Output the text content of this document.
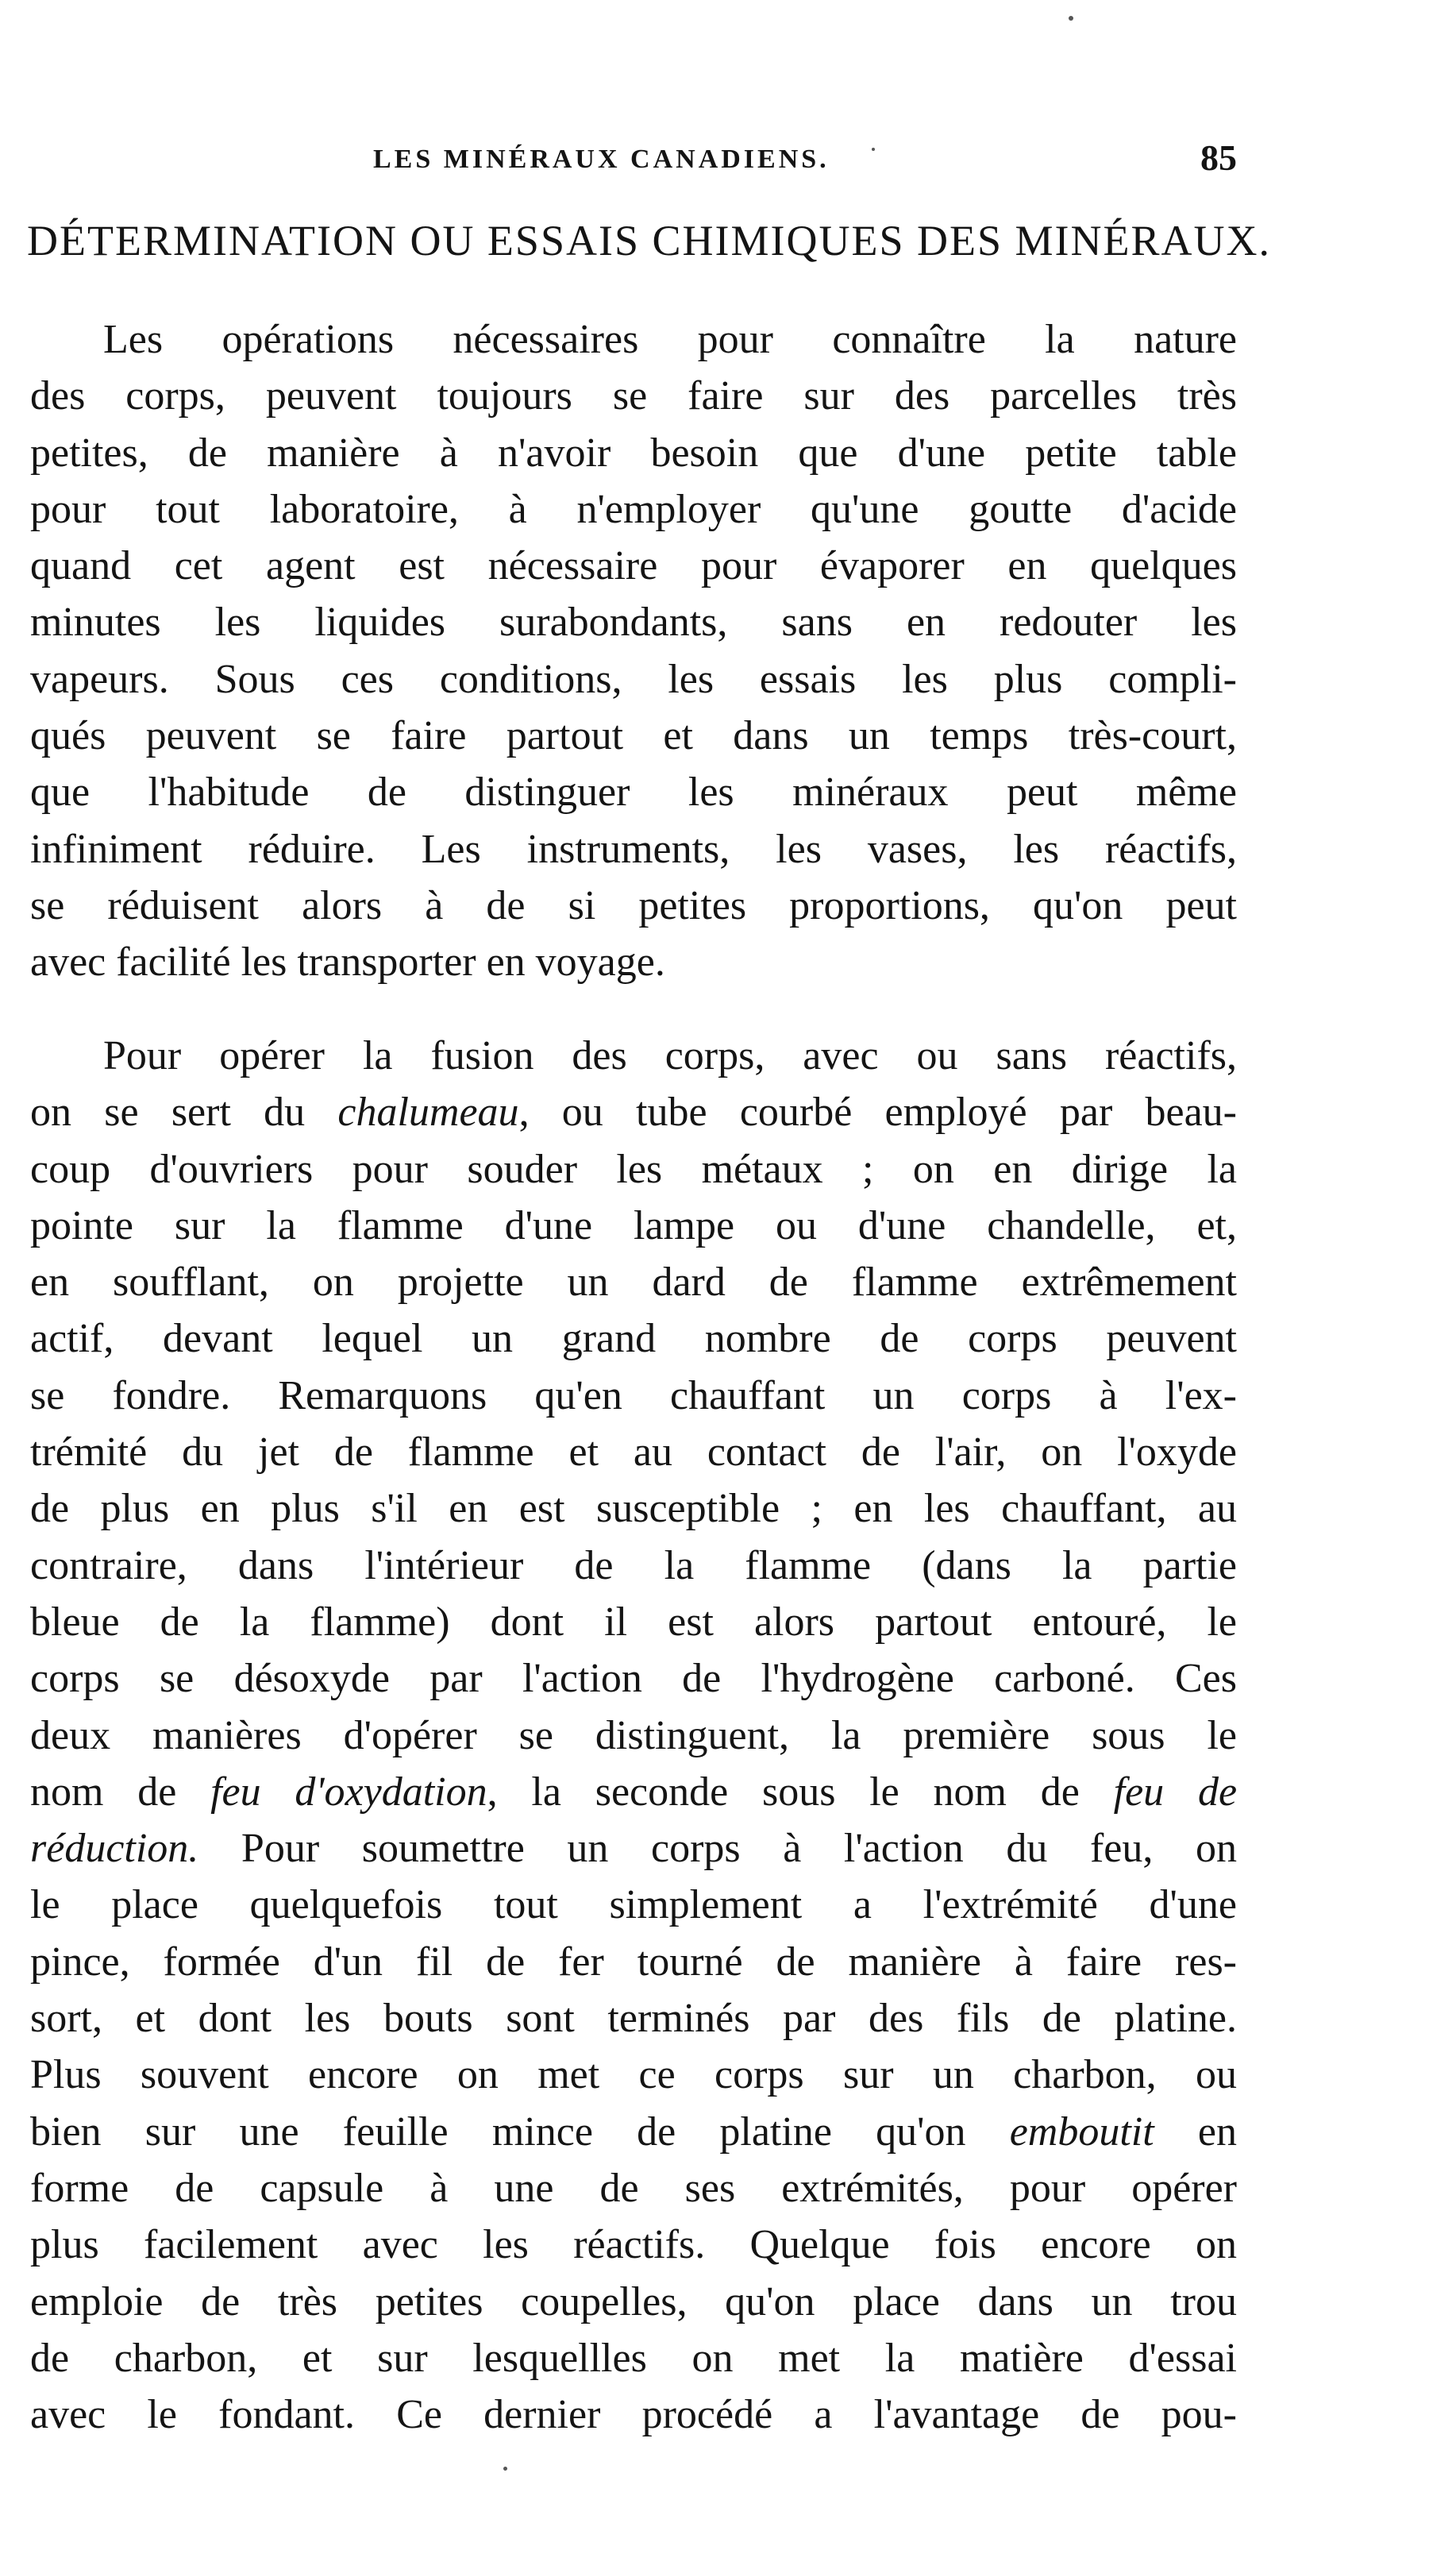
LES MINÉRAUX CANADIENS.	85
DÉTERMINATION OU ESSAIS CHIMIQUES DES MINÉRAUX.
Les opérations nécessaires pour connaître la nature
des corps, peuvent toujours se faire sur des parcelles très
petites, de manière à n'avoir besoin que d'une petite table
pour tout laboratoire, à n'employer qu'une goutte d'acide
quand cet agent est nécessaire pour évaporer en quelques
minutes les liquides surabondants, sans en redouter les
vapeurs. Sous ces conditions, les essais les plus compli-
qués peuvent se faire partout et dans un temps très-court,
que l'habitude de distinguer les minéraux peut même
infiniment réduire. Les instruments, les vases, les réactifs,
se réduisent alors à de si petites proportions, qu'on peut
avec facilité les transporter en voyage.
Pour opérer la fusion des corps, avec ou sans réactifs,
on se sert du chalumeau, ou tube courbé employé par beau-
coup d'ouvriers pour souder les métaux ; on en dirige la
pointe sur la flamme d'une lampe ou d'une chandelle, et,
en soufflant, on projette un dard de flamme extrêmement
actif, devant lequel un grand nombre de corps peuvent
se fondre. Remarquons qu'en chauffant un corps à l'ex-
trémité du jet de flamme et au contact de l'air, on l'oxyde
de plus en plus s'il en est susceptible ; en les chauffant, au
contraire, dans l'intérieur de la flamme (dans la partie
bleue de la flamme) dont il est alors partout entouré, le
corps se désoxyde par l'action de l'hydrogène carboné. Ces
deux manières d'opérer se distinguent, la première sous le
nom de feu d'oxydation, la seconde sous le nom de feu de
réduction. Pour soumettre un corps à l'action du feu, on
le place quelquefois tout simplement a l'extrémité d'une
pince, formée d'un fil de fer tourné de manière à faire res-
sort, et dont les bouts sont terminés par des fils de platine.
Plus souvent encore on met ce corps sur un charbon, ou
bien sur une feuille mince de platine qu'on emboutit en
forme de capsule à une de ses extrémités, pour opérer
plus facilement avec les réactifs. Quelque fois encore on
emploie de très petites coupelles, qu'on place dans un trou
de charbon, et sur lesquellles on met la matière d'essai
avec le fondant. Ce dernier procédé a l'avantage de pou-
